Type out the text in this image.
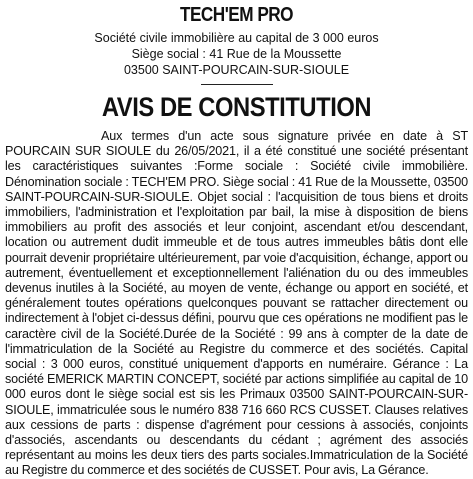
TECH'EM PRO
Société civile immobilière au capital de 3 000 euros
Siège social : 41 Rue de la Moussette
03500 SAINT-POURCAIN-SUR-SIOULE
AVIS DE CONSTITUTION

Aux termes d'un acte sous signature privée en date à ST POURCAIN SUR SIOULE du 26/05/2021, il a été constitué une société présentant les caractéristiques suivantes :Forme sociale : Société civile immobilière. Dénomination sociale : TECH'EM PRO. Siège social : 41 Rue de la Moussette, 03500 SAINT-POURCAIN-SUR-SIOULE. Objet social : l'acquisition de tous biens et droits immobiliers, l'administration et l'exploitation par bail, la mise à disposition de biens immobiliers au profit des associés et leur conjoint, ascendant et/ou descendant, location ou autrement dudit immeuble et de tous autres immeubles bâtis dont elle pourrait devenir propriétaire ultérieurement, par voie d'acquisition, échange, apport ou autrement, éventuellement et exceptionnellement l'aliénation du ou des immeubles devenus inutiles à la Société, au moyen de vente, échange ou apport en société, et généralement toutes opérations quelconques pouvant se rattacher directement ou indirectement à l'objet ci-dessus défini, pourvu que ces opérations ne modifient pas le caractère civil de la Société.Durée de la Société : 99 ans à compter de la date de l'immatriculation de la Société au Registre du commerce et des sociétés. Capital social : 3 000 euros, constitué uniquement d'apports en numéraire. Gérance : La société EMERICK MARTIN CONCEPT, société par actions simplifiée au capital de 10 000 euros dont le siège social est sis les Primaux 03500 SAINT-POURCAIN-SUR-SIOULE, immatriculée sous le numéro 838 716 660 RCS CUSSET. Clauses relatives aux cessions de parts : dispense d'agrément pour cessions à associés, conjoints d'associés, ascendants ou descendants du cédant ; agrément des associés représentant au moins les deux tiers des parts sociales.Immatriculation de la Société au Registre du commerce et des sociétés de CUSSET. Pour avis, La Gérance.
